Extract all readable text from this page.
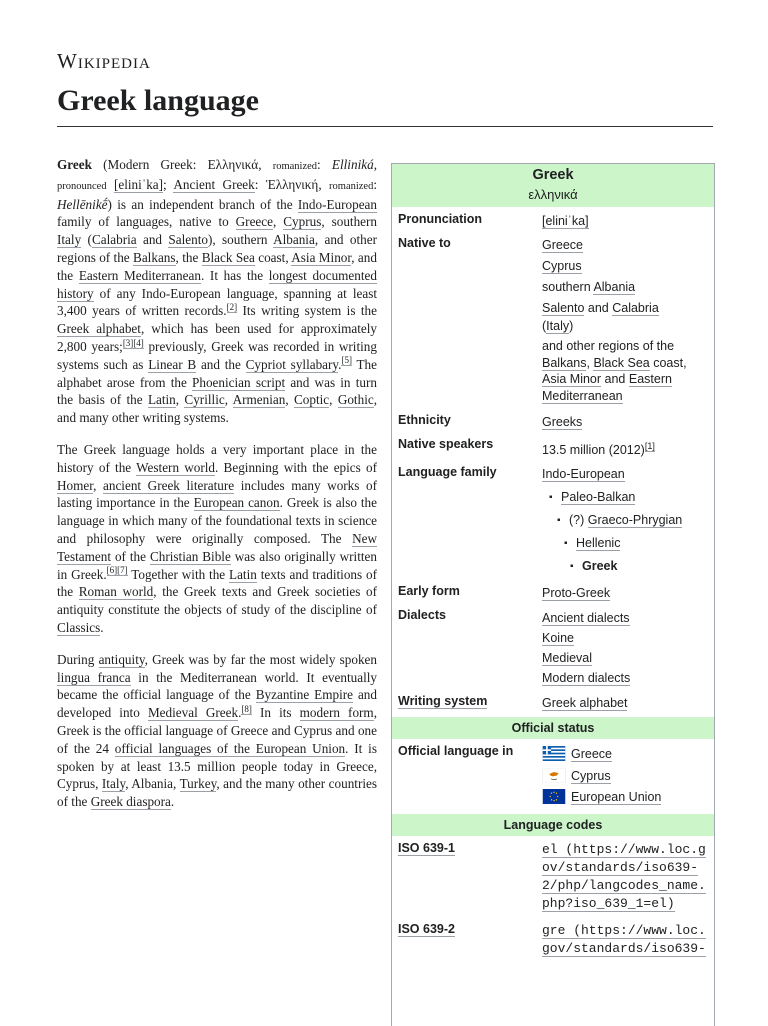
Wikipedia
Greek language

Greek (Modern Greek: Ελληνικά, romanized: Elliniká, pronounced [eliniˈka]; Ancient Greek: Ἑλληνική, romanized: Hellēnikḗ) is an independent branch of the Indo-European family of languages, native to Greece, Cyprus, southern Italy (Calabria and Salento), southern Albania, and other regions of the Balkans, the Black Sea coast, Asia Minor, and the Eastern Mediterranean. It has the longest documented history of any Indo-European language, spanning at least 3,400 years of written records.[2] Its writing system is the Greek alphabet, which has been used for approximately 2,800 years;[3][4] previously, Greek was recorded in writing systems such as Linear B and the Cypriot syllabary.[5] The alphabet arose from the Phoenician script and was in turn the basis of the Latin, Cyrillic, Armenian, Coptic, Gothic, and many other writing systems.

The Greek language holds a very important place in the history of the Western world. Beginning with the epics of Homer, ancient Greek literature includes many works of lasting importance in the European canon. Greek is also the language in which many of the foundational texts in science and philosophy were originally composed. The New Testament of the Christian Bible was also originally written in Greek.[6][7] Together with the Latin texts and traditions of the Roman world, the Greek texts and Greek societies of antiquity constitute the objects of study of the discipline of Classics.

During antiquity, Greek was by far the most widely spoken lingua franca in the Mediterranean world. It eventually became the official language of the Byzantine Empire and developed into Medieval Greek.[8] In its modern form, Greek is the official language of Greece and Cyprus and one of the 24 official languages of the European Union. It is spoken by at least 13.5 million people today in Greece, Cyprus, Italy, Albania, Turkey, and the many other countries of the Greek diaspora.

Greek
ελληνικά
Pronunciation	[eliniˈka]
Native to	Greece
Cyprus
southern Albania
Salento and Calabria
(Italy)
and other regions of the
Balkans, Black Sea coast,
Asia Minor and Eastern
Mediterranean
Ethnicity	Greeks
Native speakers	13.5 million (2012)[1]
Language family	Indo-European
▪ Paleo-Balkan
▪ (?) Graeco-Phrygian
▪ Hellenic
▪ Greek
Early form	Proto-Greek
Dialects	Ancient dialects
Koine
Medieval
Modern dialects
Writing system	Greek alphabet
Official status
Official language in	Greece
Cyprus
European Union
Language codes
ISO 639-1	el (https://www.loc.g
ov/standards/iso639-
2/php/langcodes_name.
php?iso_639_1=el)
ISO 639-2	gre (https://www.loc.
gov/standards/iso639-
